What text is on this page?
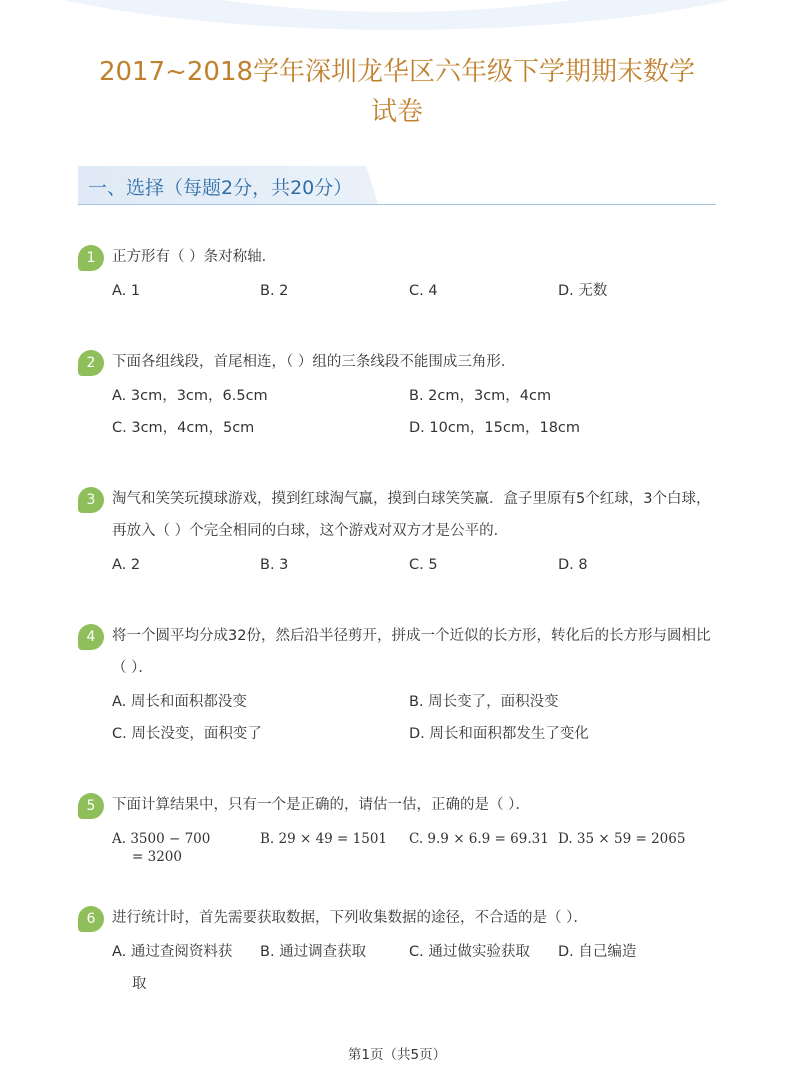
2017~2018学年深圳龙华区六年级下学期期末数学
试卷
一、选择（每题2分，共20分）
1	正方形有（ ）条对称轴．
A. 1	B. 2	C. 4	D. 无数
2	下面各组线段，首尾相连，（ ）组的三条线段不能围成三角形．
A. 3cm，3cm，6.5cm	B. 2cm，3cm，4cm
C. 3cm，4cm，5cm	D. 10cm，15cm，18cm
3	淘气和笑笑玩摸球游戏，摸到红球淘气赢，摸到白球笑笑赢．盒子里原有5个红球，3个白球，再放入（ ）个完全相同的白球，这个游戏对双方才是公平的．
A. 2	B. 3	C. 5	D. 8
4	将一个圆平均分成32份，然后沿半径剪开，拼成一个近似的长方形，转化后的长方形与圆相比（ ）．
A. 周长和面积都没变	B. 周长变了，面积没变
C. 周长没变，面积变了	D. 周长和面积都发生了变化
5	下面计算结果中，只有一个是正确的，请估一估，正确的是（ ）．
A. 3500 − 700
= 3200
B. 29 × 49 = 1501 C. 9.9 × 6.9 = 69.31 D. 35 × 59 = 2065
6	进行统计时，首先需要获取数据，下列收集数据的途径，不合适的是（ ）．
A. 通过查阅资料获
取
B. 通过调查获取	C. 通过做实验获取 D. 自己编造
第1页（共5页）
